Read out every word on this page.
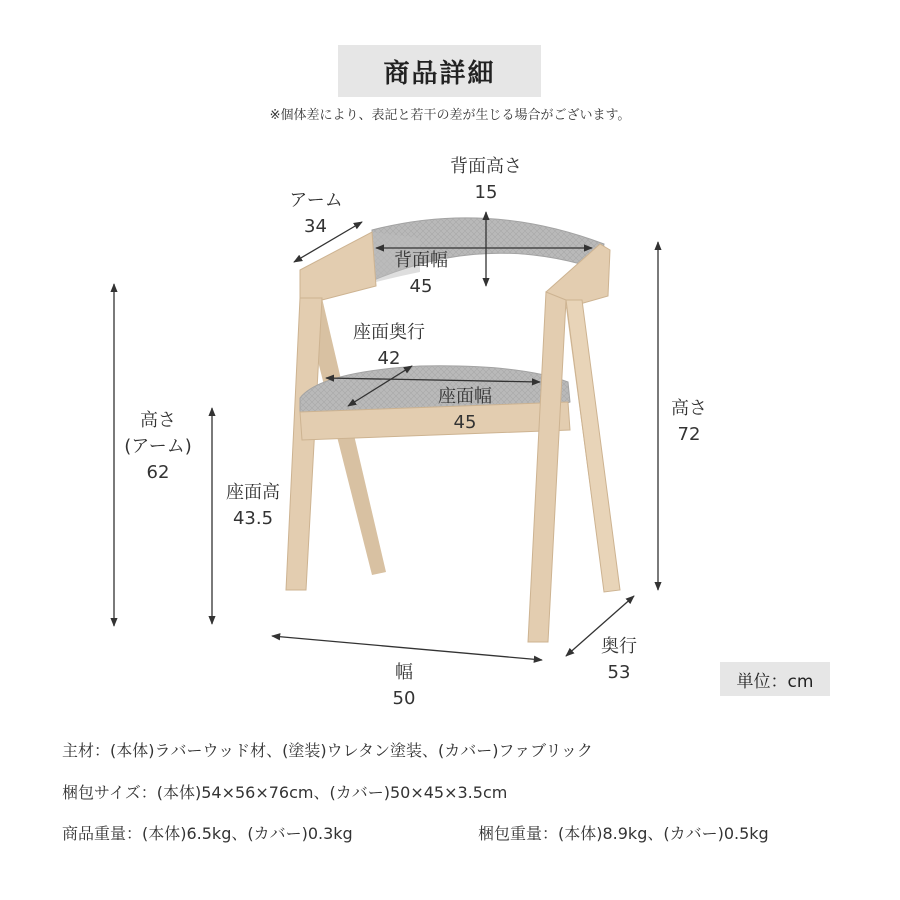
商品詳細
※個体差により、表記と若干の差が生じる場合がございます。
背面高さ
15
アーム
34
背面幅
45
座面奥行
42
座面幅
45
高さ
(アーム)
62
座面高
43.5
高さ
72
幅
50
奥行
53	単位：cm
主材：(本体)ラバーウッド材、(塗装)ウレタン塗装、(カバー)ファブリック
梱包サイズ：(本体)54×56×76cm、(カバー)50×45×3.5cm
商品重量：(本体)6.5kg、(カバー)0.3kg	梱包重量：(本体)8.9kg、(カバー)0.5kg
